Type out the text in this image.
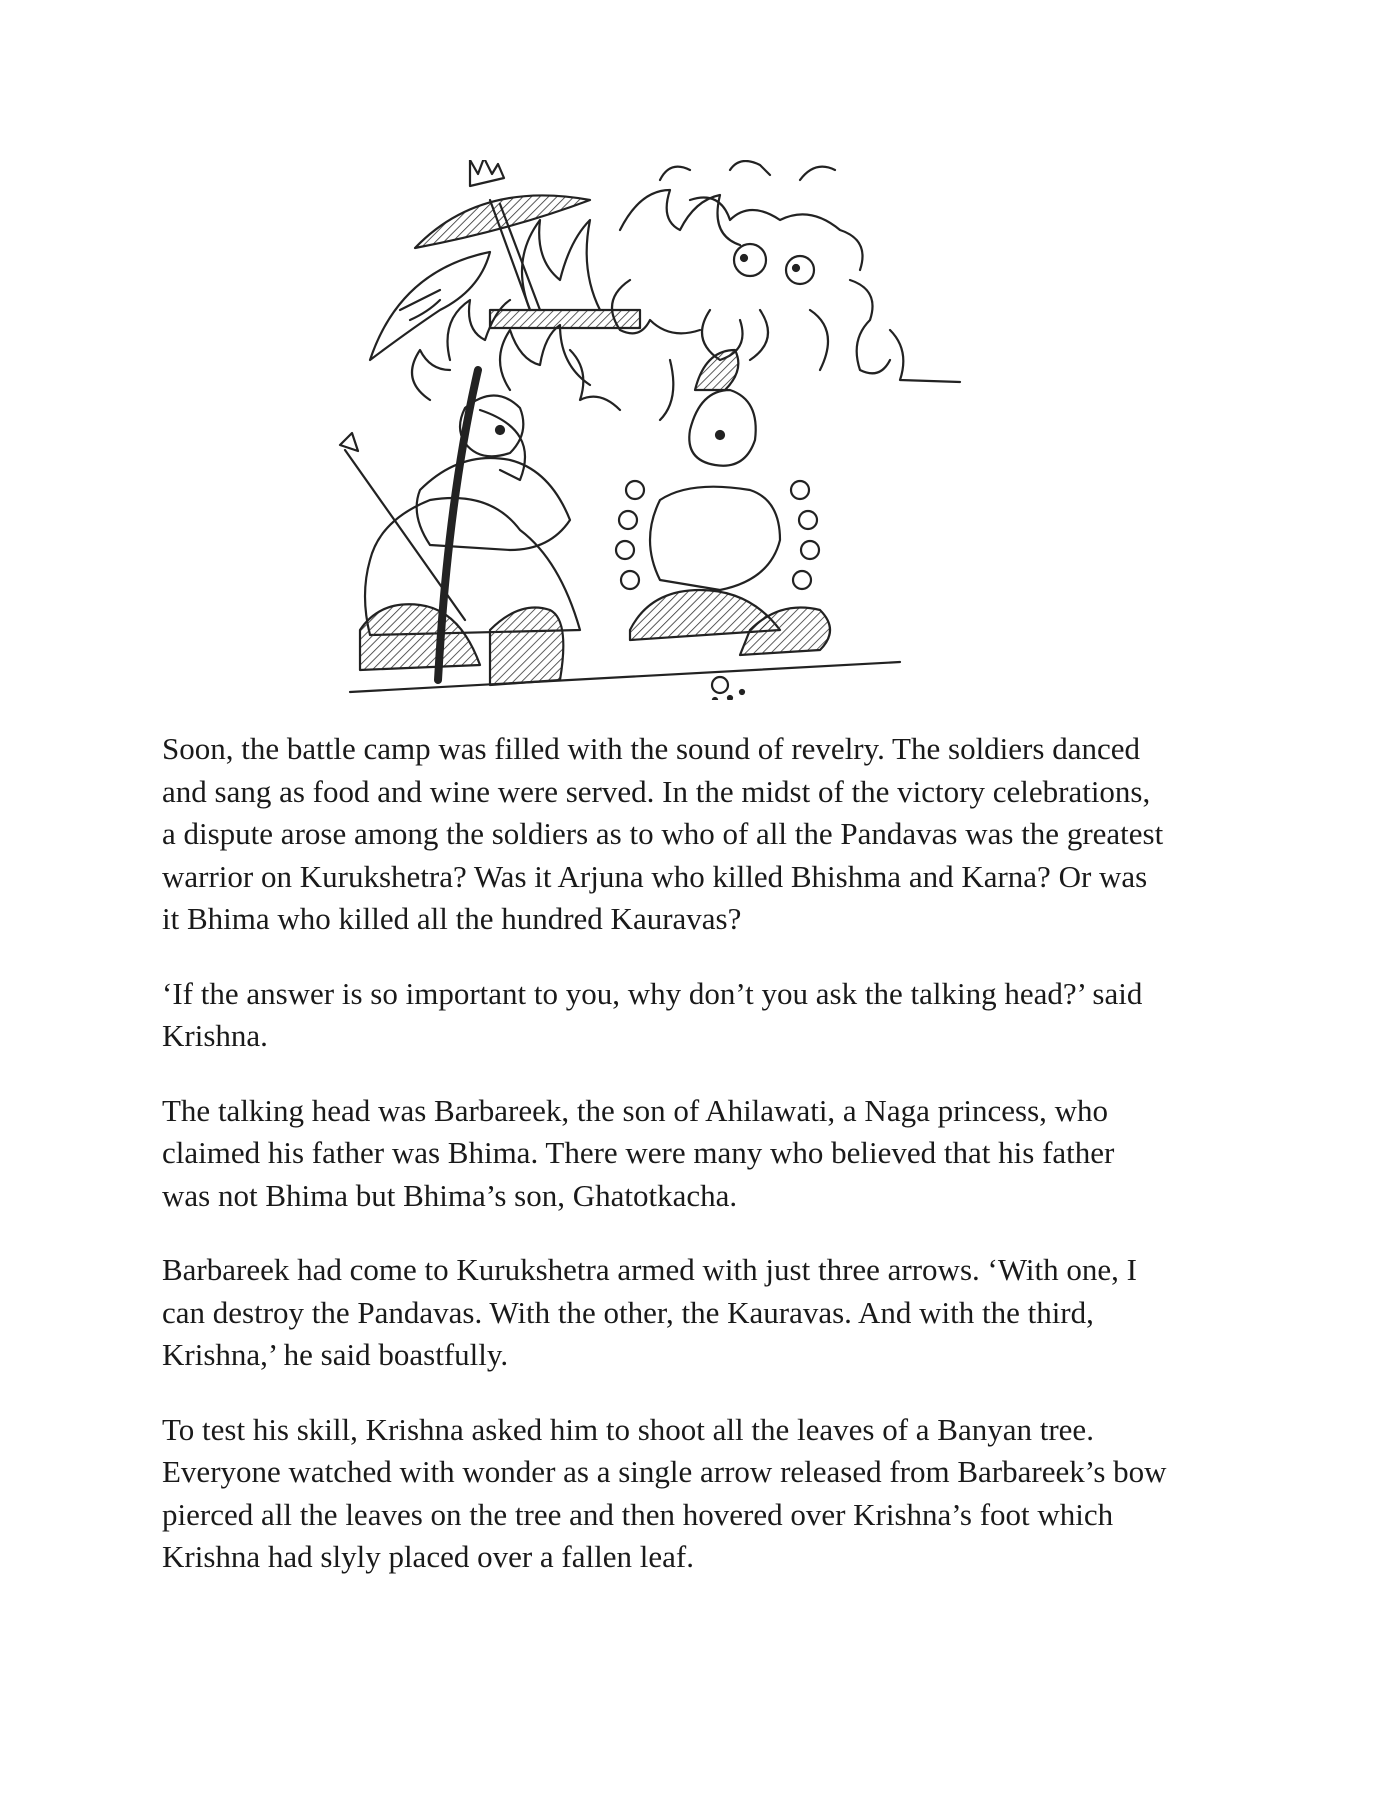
Soon, the battle camp was filled with the sound of revelry. The soldiers danced
and sang as food and wine were served. In the midst of the victory celebrations,
a dispute arose among the soldiers as to who of all the Pandavas was the greatest
warrior on Kurukshetra? Was it Arjuna who killed Bhishma and Karna? Or was
it Bhima who killed all the hundred Kauravas?

‘If the answer is so important to you, why don’t you ask the talking head?’ said
Krishna.

The talking head was Barbareek, the son of Ahilawati, a Naga princess, who
claimed his father was Bhima. There were many who believed that his father
was not Bhima but Bhima’s son, Ghatotkacha.

Barbareek had come to Kurukshetra armed with just three arrows. ‘With one, I
can destroy the Pandavas. With the other, the Kauravas. And with the third,
Krishna,’ he said boastfully.

To test his skill, Krishna asked him to shoot all the leaves of a Banyan tree.
Everyone watched with wonder as a single arrow released from Barbareek’s bow
pierced all the leaves on the tree and then hovered over Krishna’s foot which
Krishna had slyly placed over a fallen leaf.
